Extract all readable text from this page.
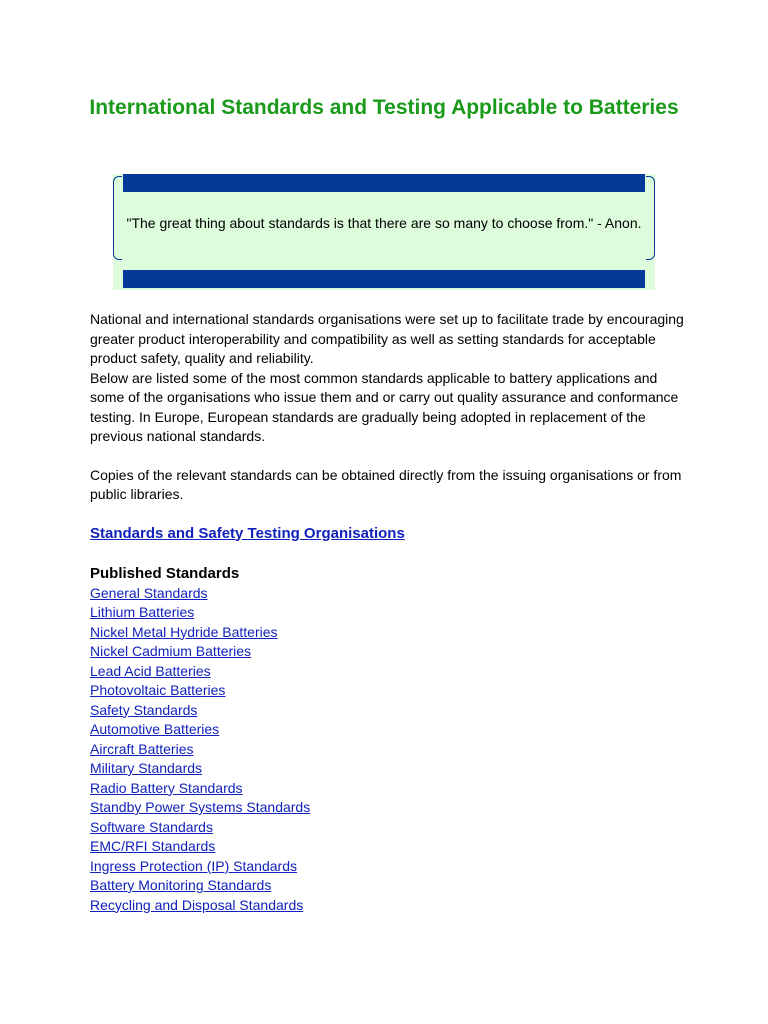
International Standards and Testing Applicable to Batteries

"The great thing about standards is that there are so many to choose from." - Anon.

National and international standards organisations were set up to facilitate trade by encouraging greater product interoperability and compatibility as well as setting standards for acceptable product safety, quality and reliability.

Below are listed some of the most common standards applicable to battery applications and some of the organisations who issue them and or carry out quality assurance and conformance testing. In Europe, European standards are gradually being adopted in replacement of the previous national standards.

Copies of the relevant standards can be obtained directly from the issuing organisations or from public libraries.

Standards and Safety Testing Organisations
Published Standards
General Standards
Lithium Batteries
Nickel Metal Hydride Batteries
Nickel Cadmium Batteries
Lead Acid Batteries
Photovoltaic Batteries
Safety Standards
Automotive Batteries
Aircraft Batteries
Military Standards
Radio Battery Standards
Standby Power Systems Standards
Software Standards
EMC/RFI Standards
Ingress Protection (IP) Standards
Battery Monitoring Standards
Recycling and Disposal Standards
